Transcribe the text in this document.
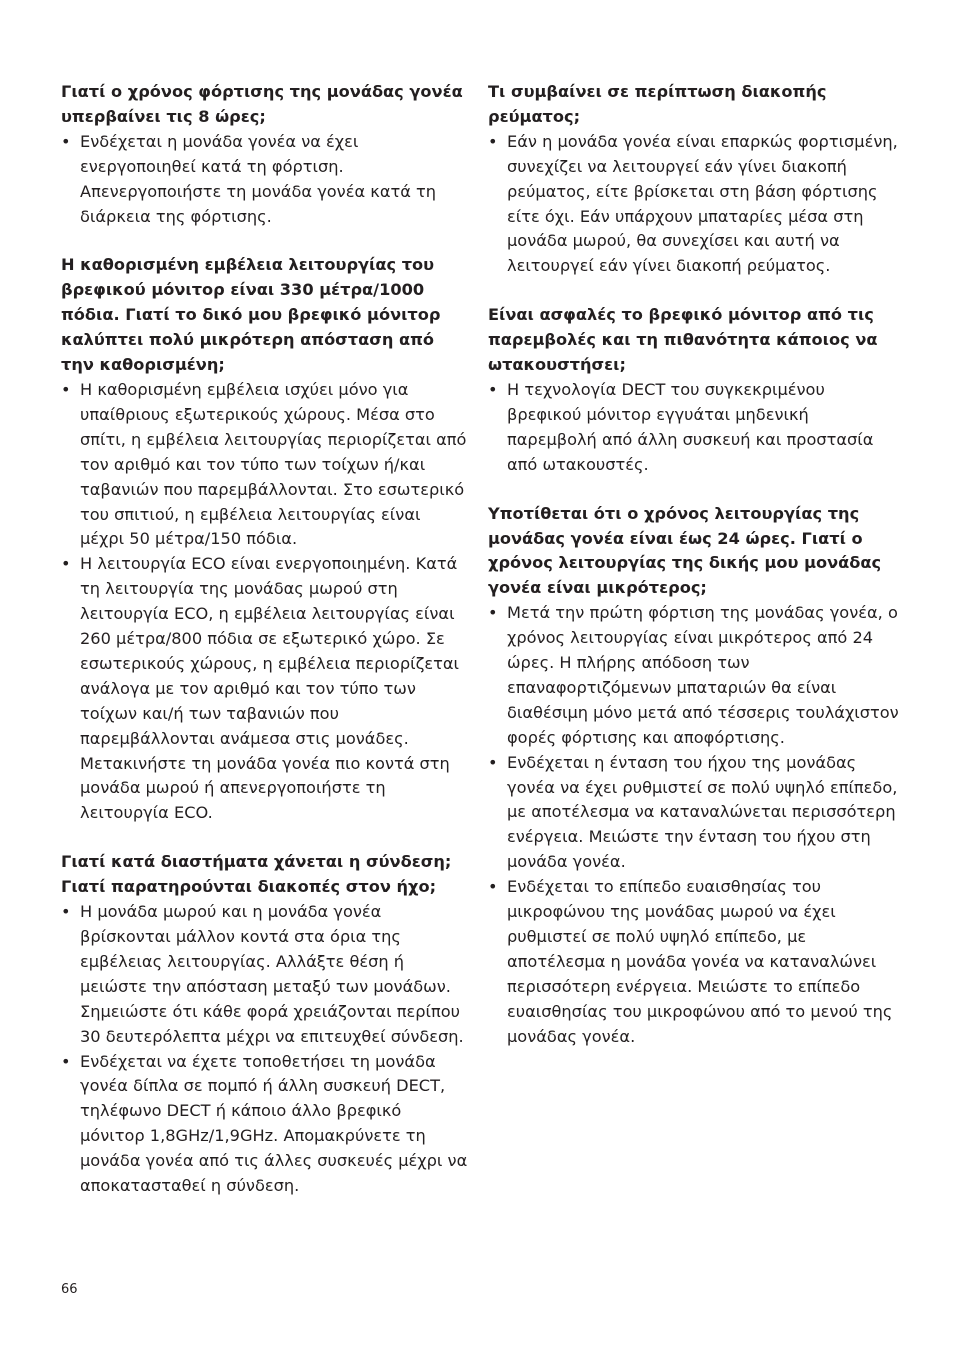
Γιατί ο χρόνος φόρτισης της μονάδας γονέα υπερβαίνει τις 8 ώρες;

• Ενδέχεται η μονάδα γονέα να έχει ενεργοποιηθεί κατά τη φόρτιση. Απενεργοποιήστε τη μονάδα γονέα κατά τη διάρκεια της φόρτισης.

Η καθορισμένη εμβέλεια λειτουργίας του βρεφικού μόνιτορ είναι 330 μέτρα/1000 πόδια. Γιατί το δικό μου βρεφικό μόνιτορ καλύπτει πολύ μικρότερη απόσταση από την καθορισμένη;

• Η καθορισμένη εμβέλεια ισχύει μόνο για υπαίθριους εξωτερικούς χώρους. Μέσα στο σπίτι, η εμβέλεια λειτουργίας περιορίζεται από τον αριθμό και τον τύπο των τοίχων ή/και ταβανιών που παρεμβάλλονται. Στο εσωτερικό του σπιτιού, η εμβέλεια λειτουργίας είναι μέχρι 50 μέτρα/150 πόδια.
• Η λειτουργία ECO είναι ενεργοποιημένη. Κατά τη λειτουργία της μονάδας μωρού στη λειτουργία ECO, η εμβέλεια λειτουργίας είναι 260 μέτρα/800 πόδια σε εξωτερικό χώρο. Σε εσωτερικούς χώρους, η εμβέλεια περιορίζεται ανάλογα με τον αριθμό και τον τύπο των τοίχων και/ή των ταβανιών που παρεμβάλλονται ανάμεσα στις μονάδες. Μετακινήστε τη μονάδα γονέα πιο κοντά στη μονάδα μωρού ή απενεργοποιήστε τη λειτουργία ECO.

Γιατί κατά διαστήματα χάνεται η σύνδεση; Γιατί παρατηρούνται διακοπές στον ήχο;

• Η μονάδα μωρού και η μονάδα γονέα βρίσκονται μάλλον κοντά στα όρια της εμβέλειας λειτουργίας. Αλλάξτε θέση ή μειώστε την απόσταση μεταξύ των μονάδων. Σημειώστε ότι κάθε φορά χρειάζονται περίπου 30 δευτερόλεπτα μέχρι να επιτευχθεί σύνδεση.
• Ενδέχεται να έχετε τοποθετήσει τη μονάδα γονέα δίπλα σε πομπό ή άλλη συσκευή DECT, τηλέφωνο DECT ή κάποιο άλλο βρεφικό μόνιτορ 1,8GHz/1,9GHz. Απομακρύνετε τη μονάδα γονέα από τις άλλες συσκευές μέχρι να αποκατασταθεί η σύνδεση.

Τι συμβαίνει σε περίπτωση διακοπής ρεύματος;

• Εάν η μονάδα γονέα είναι επαρκώς φορτισμένη, συνεχίζει να λειτουργεί εάν γίνει διακοπή ρεύματος, είτε βρίσκεται στη βάση φόρτισης είτε όχι. Εάν υπάρχουν μπαταρίες μέσα στη μονάδα μωρού, θα συνεχίσει και αυτή να λειτουργεί εάν γίνει διακοπή ρεύματος.

Είναι ασφαλές το βρεφικό μόνιτορ από τις παρεμβολές και τη πιθανότητα κάποιος να ωτακουστήσει;

• Η τεχνολογία DECT του συγκεκριμένου βρεφικού μόνιτορ εγγυάται μηδενική παρεμβολή από άλλη συσκευή και προστασία από ωτακουστές.

Υποτίθεται ότι ο χρόνος λειτουργίας της μονάδας γονέα είναι έως 24 ώρες. Γιατί ο χρόνος λειτουργίας της δικής μου μονάδας γονέα είναι μικρότερος;

• Μετά την πρώτη φόρτιση της μονάδας γονέα, ο χρόνος λειτουργίας είναι μικρότερος από 24 ώρες. Η πλήρης απόδοση των επαναφορτιζόμενων μπαταριών θα είναι διαθέσιμη μόνο μετά από τέσσερις τουλάχιστον φορές φόρτισης και αποφόρτισης.
• Ενδέχεται η ένταση του ήχου της μονάδας γονέα να έχει ρυθμιστεί σε πολύ υψηλό επίπεδο, με αποτέλεσμα να καταναλώνεται περισσότερη ενέργεια. Μειώστε την ένταση του ήχου στη μονάδα γονέα.
• Ενδέχεται το επίπεδο ευαισθησίας του μικροφώνου της μονάδας μωρού να έχει ρυθμιστεί σε πολύ υψηλό επίπεδο, με αποτέλεσμα η μονάδα γονέα να καταναλώνει περισσότερη ενέργεια. Μειώστε το επίπεδο ευαισθησίας του μικροφώνου από το μενού της μονάδας γονέα.
66
